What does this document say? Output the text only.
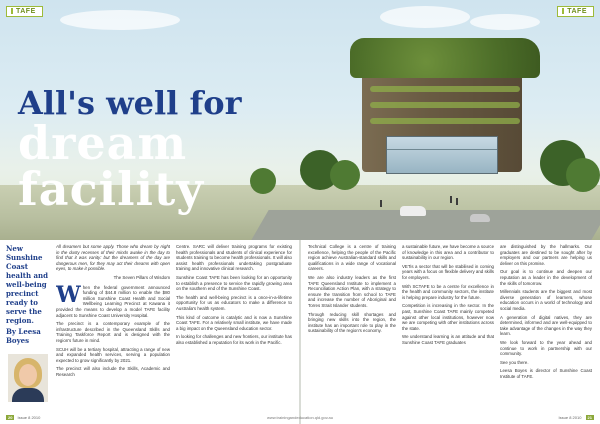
TAFE	TAFE
All's well for
dream
facility
New Sunshine Coast health and well-being precinct ready to serve the region.
By Leesa Boyes

All dreamers but some apply. Those who dream by night in the dusty recesses of their minds awake in the day to find that it was vanity: but the dreamers of the day are dangerous men, for they may act their dreams with open eyes, to make it possible.

The Seven Pillars of Wisdom

When the federal government announced funding of $44.8 million to enable the $80 million Sunshine Coast Health and Social Wellbeing Learning Precinct at Kawana it provided the means to develop a model TAFE facility adjacent to Sunshine Coast University Hospital.

The precinct is a contemporary example of the infrastructure described in the Queensland Skills and Training Taskforce Report and is designed with the region's future in mind.

SCUH will be a tertiary hospital, attracting a range of new and expanded health services, serving a population expected to grow significantly by 2021.

The precinct will also include the Skills, Academic and Research

Centre. SARC will deliver training programs for existing health professionals and students of clinical experience for students training to become health professionals. It will also assist health professionals undertaking postgraduate training and innovative clinical research.

Sunshine Coast TAFE has been looking for an opportunity to establish a presence to service the rapidly growing area on the southern end of the Sunshine Coast.

The health and well-being precinct is a once-in-a-lifetime opportunity for us as educators to make a difference to Australia's health system.

This kind of outcome is catalytic and is now a Sunshine Coast TAFE. For a relatively small institute, we have made a big impact on the Queensland education sector.

In looking for challenges and new frontiers, our institute has also established a reputation for its work in the Pacific.

Technical College is a centre of training excellence, helping the people of the Pacific region achieve Australian-standard skills and qualifications in a wide range of vocational careers.

We are also industry leaders as the first TAFE Queensland Institute to implement a Reconciliation Action Plan, with a strategy to ensure the transition from school to TAFE and increase the number of Aboriginal and Torres Strait Islander students.

Through reducing skill shortages and bringing new skills into the region, the institute has an important role to play in the sustainability of the region's economy.

a sustainable future, we have become a source of knowledge in this area and a contributor to sustainability in our region.

VETis a sector that will be stabilised in coming years with a focus on flexible delivery and skills for employers.

With SCTAFE to be a centre for excellence in the health and community sectors, the institute is helping prepare industry for the future.

Competition is increasing in the sector. In the past, Sunshine Coast TAFE mainly competed against other local institutions, however now we are competing with other institutions across the state.

We understand learning is an attitude and that Sunshine Coast TAFE graduates

are distinguished by the hallmarks. Our graduates are destined to be sought after by employers and our partners are helping us deliver on this promise.

Our goal is to continue and deepen our reputation as a leader in the development of the skills of tomorrow.

Millennials students are the biggest and most diverse generation of learners, whose education occurs in a world of technology and social media.

A generation of digital natives, they are determined, informed and are well-equipped to take advantage of the changes in the way they learn.

We look forward to the year ahead and continue to work in partnership with our community.

See you there.

Leesa Boyes is director of Sunshine Coast Institute of TAFE.

20 Issue 8 2010	www.trainingandeducation.qld.gov.au	Issue 8 2010 21
